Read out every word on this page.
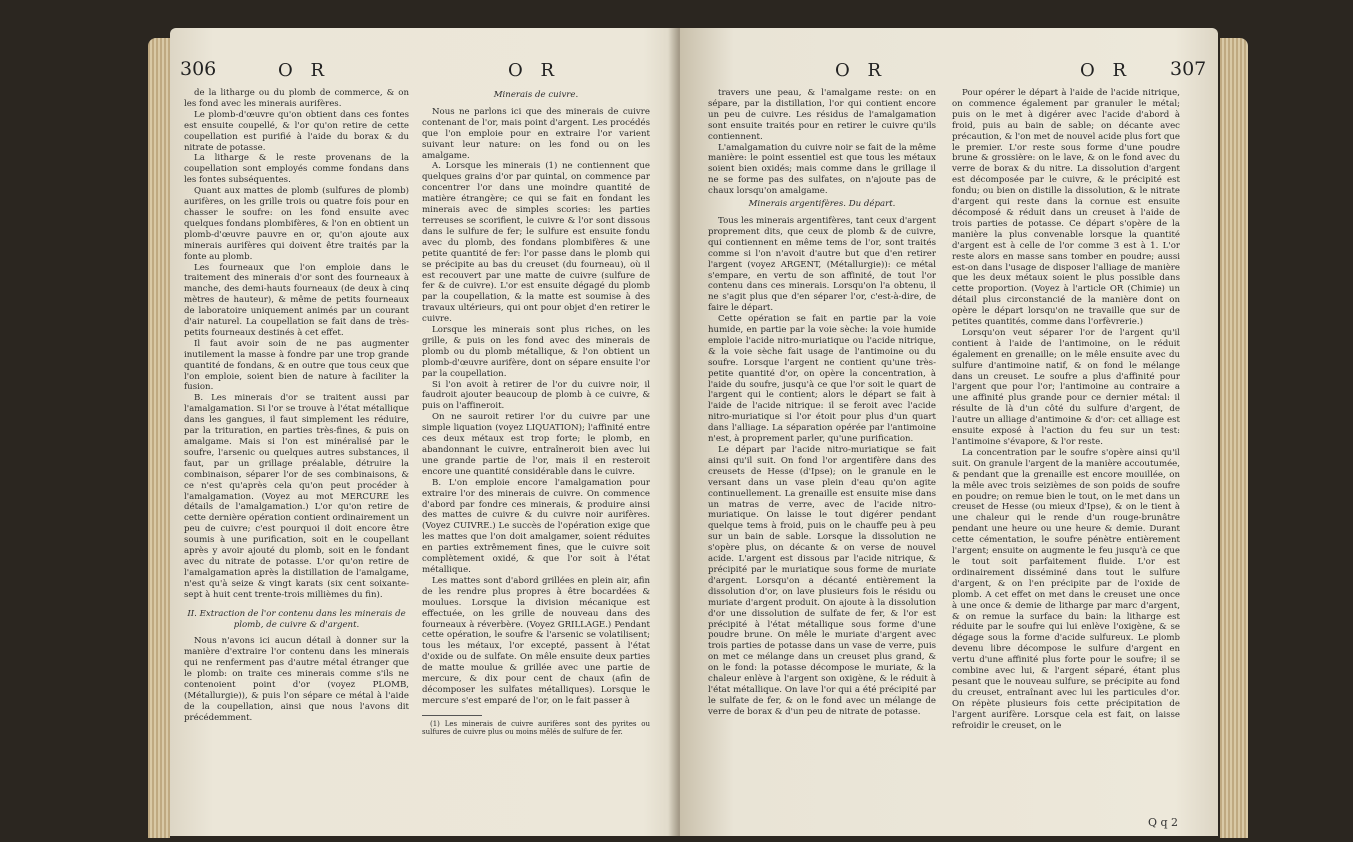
306	O R	O R

de la litharge ou du plomb de commerce, & on les fond avec les minerais aurifères.

Le plomb-d'œuvre qu'on obtient dans ces fontes est ensuite coupellé, & l'or qu'on retire de cette coupellation est purifié à l'aide du borax & du nitrate de potasse.

La litharge & le reste provenans de la coupellation sont employés comme fondans dans les fontes subséquentes.

Quant aux mattes de plomb (sulfures de plomb) aurifères, on les grille trois ou quatre fois pour en chasser le soufre: on les fond ensuite avec quelques fondans plombifères, & l'on en obtient un plomb-d'œuvre pauvre en or, qu'on ajoute aux minerais aurifères qui doivent être traités par la fonte au plomb.

Les fourneaux que l'on emploie dans le traitement des minerais d'or sont des fourneaux à manche, des demi-hauts fourneaux (de deux à cinq mètres de hauteur), & même de petits fourneaux de laboratoire uniquement animés par un courant d'air naturel. La coupellation se fait dans de très-petits fourneaux destinés à cet effet.

Il faut avoir soin de ne pas augmenter inutilement la masse à fondre par une trop grande quantité de fondans, & en outre que tous ceux que l'on emploie, soient bien de nature à faciliter la fusion.

B. Les minerais d'or se traitent aussi par l'amalgamation. Si l'or se trouve à l'état métallique dans les gangues, il faut simplement les réduire, par la trituration, en parties très-fines, & puis on amalgame. Mais si l'on est minéralisé par le soufre, l'arsenic ou quelques autres substances, il faut, par un grillage préalable, détruire la combinaison, séparer l'or de ses combinaisons, & ce n'est qu'après cela qu'on peut procéder à l'amalgamation. (Voyez au mot MERCURE les détails de l'amalgamation.) L'or qu'on retire de cette dernière opération contient ordinairement un peu de cuivre; c'est pourquoi il doit encore être soumis à une purification, soit en le coupellant après y avoir ajouté du plomb, soit en le fondant avec du nitrate de potasse. L'or qu'on retire de l'amalgamation après la distillation de l'amalgame, n'est qu'à seize & vingt karats (six cent soixante-sept à huit cent trente-trois millièmes du fin).

II. Extraction de l'or contenu dans les minerais de plomb, de cuivre & d'argent.

Nous n'avons ici aucun détail à donner sur la manière d'extraire l'or contenu dans les minerais qui ne renferment pas d'autre métal étranger que le plomb: on traite ces minerais comme s'ils ne contenoient point d'or (voyez PLOMB, (Métallurgie)), & puis l'on sépare ce métal à l'aide de la coupellation, ainsi que nous l'avons dit précédemment.

Minerais de cuivre.

Nous ne parlons ici que des minerais de cuivre contenant de l'or, mais point d'argent. Les procédés que l'on emploie pour en extraire l'or varient suivant leur nature: on les fond ou on les amalgame.

A. Lorsque les minerais (1) ne contiennent que quelques grains d'or par quintal, on commence par concentrer l'or dans une moindre quantité de matière étrangère; ce qui se fait en fondant les minerais avec de simples scories: les parties terreuses se scorifient, le cuivre & l'or sont dissous dans le sulfure de fer; le sulfure est ensuite fondu avec du plomb, des fondans plombifères & une petite quantité de fer: l'or passe dans le plomb qui se précipite au bas du creuset (du fourneau), où il est recouvert par une matte de cuivre (sulfure de fer & de cuivre). L'or est ensuite dégagé du plomb par la coupellation, & la matte est soumise à des travaux ultérieurs, qui ont pour objet d'en retirer le cuivre.

Lorsque les minerais sont plus riches, on les grille, & puis on les fond avec des minerais de plomb ou du plomb métallique, & l'on obtient un plomb-d'œuvre aurifère, dont on sépare ensuite l'or par la coupellation.

Si l'on avoit à retirer de l'or du cuivre noir, il faudroit ajouter beaucoup de plomb à ce cuivre, & puis on l'affineroit.

On ne sauroit retirer l'or du cuivre par une simple liquation (voyez LIQUATION); l'affinité entre ces deux métaux est trop forte; le plomb, en abandonnant le cuivre, entraîneroit bien avec lui une grande partie de l'or, mais il en resteroit encore une quantité considérable dans le cuivre.

B. L'on emploie encore l'amalgamation pour extraire l'or des minerais de cuivre. On commence d'abord par fondre ces minerais, & produire ainsi des mattes de cuivre & du cuivre noir aurifères. (Voyez CUIVRE.) Le succès de l'opération exige que les mattes que l'on doit amalgamer, soient réduites en parties extrêmement fines, que le cuivre soit complètement oxidé, & que l'or soit à l'état métallique.

Les mattes sont d'abord grillées en plein air, afin de les rendre plus propres à être bocardées & moulues. Lorsque la division mécanique est effectuée, on les grille de nouveau dans des fourneaux à réverbère. (Voyez GRILLAGE.) Pendant cette opération, le soufre & l'arsenic se volatilisent; tous les métaux, l'or excepté, passent à l'état d'oxide ou de sulfate. On mêle ensuite deux parties de matte moulue & grillée avec une partie de mercure, & dix pour cent de chaux (afin de décomposer les sulfates métalliques). Lorsque le mercure s'est emparé de l'or, on le fait passer à

(1) Les minerais de cuivre aurifères sont des pyrites ou sulfures de cuivre plus ou moins mêlés de sulfure de fer.

O R	O R 307

travers une peau, & l'amalgame reste: on en sépare, par la distillation, l'or qui contient encore un peu de cuivre. Les résidus de l'amalgamation sont ensuite traités pour en retirer le cuivre qu'ils contiennent.

L'amalgamation du cuivre noir se fait de la même manière: le point essentiel est que tous les métaux soient bien oxidés; mais comme dans le grillage il ne se forme pas des sulfates, on n'ajoute pas de chaux lorsqu'on amalgame.

Minerais argentifères. Du départ.

Tous les minerais argentifères, tant ceux d'argent proprement dits, que ceux de plomb & de cuivre, qui contiennent en même tems de l'or, sont traités comme si l'on n'avoit d'autre but que d'en retirer l'argent (voyez ARGENT, (Métallurgie)): ce métal s'empare, en vertu de son affinité, de tout l'or contenu dans ces minerais. Lorsqu'on l'a obtenu, il ne s'agit plus que d'en séparer l'or, c'est-à-dire, de faire le départ.

Cette opération se fait en partie par la voie humide, en partie par la voie sèche: la voie humide emploie l'acide nitro-muriatique ou l'acide nitrique, & la voie sèche fait usage de l'antimoine ou du soufre. Lorsque l'argent ne contient qu'une très-petite quantité d'or, on opère la concentration, à l'aide du soufre, jusqu'à ce que l'or soit le quart de l'argent qui le contient; alors le départ se fait à l'aide de l'acide nitrique: il se feroit avec l'acide nitro-muriatique si l'or étoit pour plus d'un quart dans l'alliage. La séparation opérée par l'antimoine n'est, à proprement parler, qu'une purification.

Le départ par l'acide nitro-muriatique se fait ainsi qu'il suit. On fond l'or argentifère dans des creusets de Hesse (d'Ipse); on le granule en le versant dans un vase plein d'eau qu'on agite continuellement. La grenaille est ensuite mise dans un matras de verre, avec de l'acide nitro-muriatique. On laisse le tout digérer pendant quelque tems à froid, puis on le chauffe peu à peu sur un bain de sable. Lorsque la dissolution ne s'opère plus, on décante & on verse de nouvel acide. L'argent est dissous par l'acide nitrique, & précipité par le muriatique sous forme de muriate d'argent. Lorsqu'on a décanté entièrement la dissolution d'or, on lave plusieurs fois le résidu ou muriate d'argent produit. On ajoute à la dissolution d'or une dissolution de sulfate de fer, & l'or est précipité à l'état métallique sous forme d'une poudre brune. On mêle le muriate d'argent avec trois parties de potasse dans un vase de verre, puis on met ce mélange dans un creuset plus grand, & on le fond: la potasse décompose le muriate, & la chaleur enlève à l'argent son oxigène, & le réduit à l'état métallique. On lave l'or qui a été précipité par le sulfate de fer, & on le fond avec un mélange de verre de borax & d'un peu de nitrate de potasse.

Pour opérer le départ à l'aide de l'acide nitrique, on commence également par granuler le métal; puis on le met à digérer avec l'acide d'abord à froid, puis au bain de sable; on décante avec précaution, & l'on met de nouvel acide plus fort que le premier. L'or reste sous forme d'une poudre brune & grossière: on le lave, & on le fond avec du verre de borax & du nitre. La dissolution d'argent est décomposée par le cuivre, & le précipité est fondu; ou bien on distille la dissolution, & le nitrate d'argent qui reste dans la cornue est ensuite décomposé & réduit dans un creuset à l'aide de trois parties de potasse. Ce départ s'opère de la manière la plus convenable lorsque la quantité d'argent est à celle de l'or comme 3 est à 1. L'or reste alors en masse sans tomber en poudre; aussi est-on dans l'usage de disposer l'alliage de manière que les deux métaux soient le plus possible dans cette proportion. (Voyez à l'article OR (Chimie) un détail plus circonstancié de la manière dont on opère le départ lorsqu'on ne travaille que sur de petites quantités, comme dans l'orfèvrerie.)

Lorsqu'on veut séparer l'or de l'argent qu'il contient à l'aide de l'antimoine, on le réduit également en grenaille; on le mêle ensuite avec du sulfure d'antimoine natif, & on fond le mélange dans un creuset. Le soufre a plus d'affinité pour l'argent que pour l'or; l'antimoine au contraire a une affinité plus grande pour ce dernier métal: il résulte de là d'un côté du sulfure d'argent, de l'autre un alliage d'antimoine & d'or: cet alliage est ensuite exposé à l'action du feu sur un test: l'antimoine s'évapore, & l'or reste.

La concentration par le soufre s'opère ainsi qu'il suit. On granule l'argent de la manière accoutumée, & pendant que la grenaille est encore mouillée, on la mêle avec trois seizièmes de son poids de soufre en poudre; on remue bien le tout, on le met dans un creuset de Hesse (ou mieux d'Ipse), & on le tient à une chaleur qui le rende d'un rouge-brunâtre pendant une heure ou une heure & demie. Durant cette cémentation, le soufre pénètre entièrement l'argent; ensuite on augmente le feu jusqu'à ce que le tout soit parfaitement fluide. L'or est ordinairement disséminé dans tout le sulfure d'argent, & on l'en précipite par de l'oxide de plomb. A cet effet on met dans le creuset une once à une once & demie de litharge par marc d'argent, & on remue la surface du bain: la litharge est réduite par le soufre qui lui enlève l'oxigène, & se dégage sous la forme d'acide sulfureux. Le plomb devenu libre décompose le sulfure d'argent en vertu d'une affinité plus forte pour le soufre; il se combine avec lui, & l'argent séparé, étant plus pesant que le nouveau sulfure, se précipite au fond du creuset, entraînant avec lui les particules d'or. On répète plusieurs fois cette précipitation de l'argent aurifère. Lorsque cela est fait, on laisse refroidir le creuset, on le

Q q 2
